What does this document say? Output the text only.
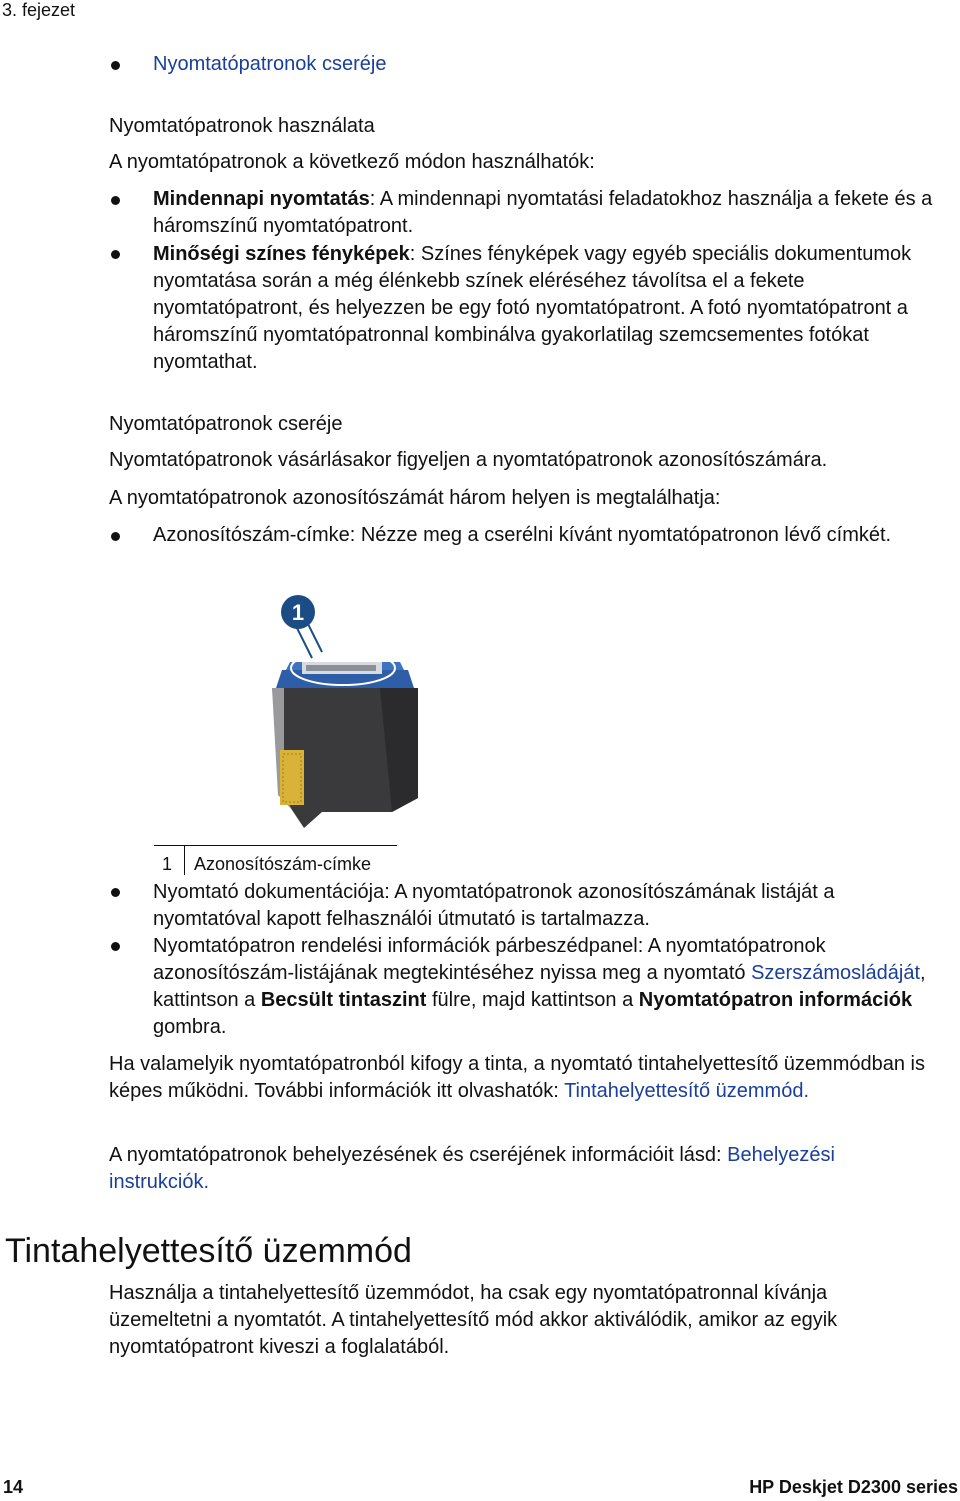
3. fejezet
Nyomtatópatronok cseréje
Nyomtatópatronok használata
A nyomtatópatronok a következő módon használhatók:
Mindennapi nyomtatás: A mindennapi nyomtatási feladatokhoz használja a fekete és a háromszínű nyomtatópatront.
Minőségi színes fényképek: Színes fényképek vagy egyéb speciális dokumentumok nyomtatása során a még élénkebb színek eléréséhez távolítsa el a fekete nyomtatópatront, és helyezzen be egy fotó nyomtatópatront. A fotó nyomtatópatront a háromszínű nyomtatópatronnal kombinálva gyakorlatilag szemcsementes fotókat nyomtathat.
Nyomtatópatronok cseréje
Nyomtatópatronok vásárlásakor figyeljen a nyomtatópatronok azonosítószámára.
A nyomtatópatronok azonosítószámát három helyen is megtalálhatja:
Azonosítószám-címke: Nézze meg a cserélni kívánt nyomtatópatronon lévő címkét.
1
1 Azonosítószám-címke
Nyomtató dokumentációja: A nyomtatópatronok azonosítószámának listáját a nyomtatóval kapott felhasználói útmutató is tartalmazza.
Nyomtatópatron rendelési információk párbeszédpanel: A nyomtatópatronok azonosítószám-listájának megtekintéséhez nyissa meg a nyomtató Szerszámosládáját, kattintson a Becsült tintaszint fülre, majd kattintson a Nyomtatópatron információk gombra.
Ha valamelyik nyomtatópatronból kifogy a tinta, a nyomtató tintahelyettesítő üzemmódban is képes működni. További információk itt olvashatók: Tintahelyettesítő üzemmód.
A nyomtatópatronok behelyezésének és cseréjének információit lásd: Behelyezési instrukciók.
Tintahelyettesítő üzemmód
Használja a tintahelyettesítő üzemmódot, ha csak egy nyomtatópatronnal kívánja üzemeltetni a nyomtatót. A tintahelyettesítő mód akkor aktiválódik, amikor az egyik nyomtatópatront kiveszi a foglalatából.
14	HP Deskjet D2300 series
